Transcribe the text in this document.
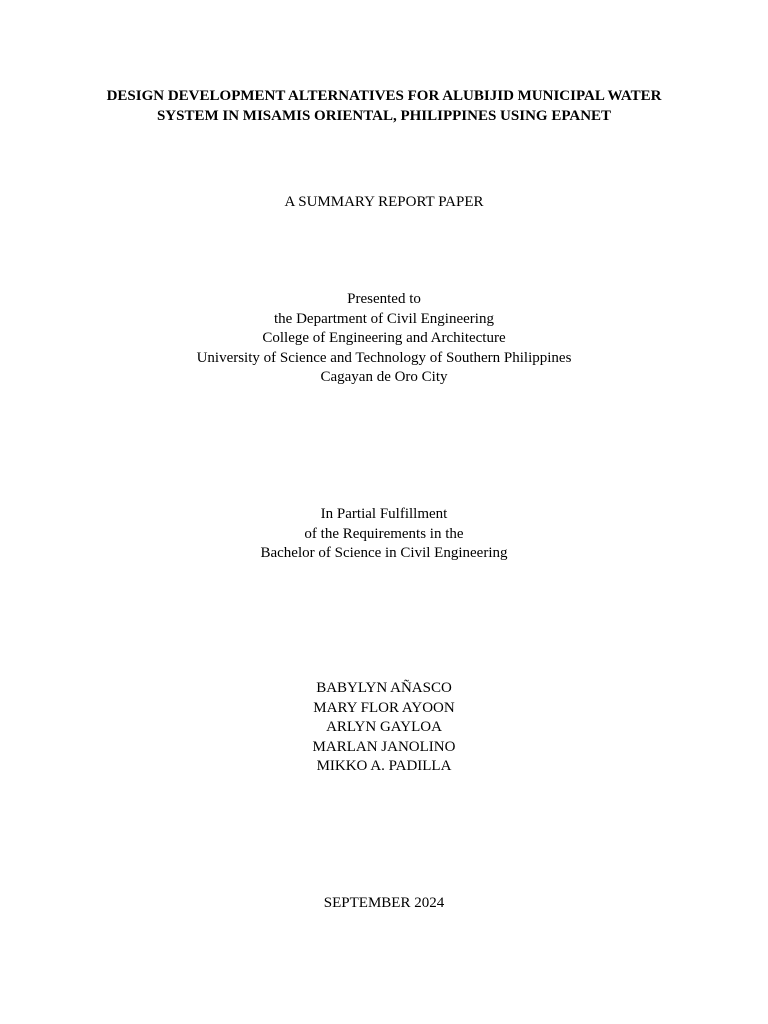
DESIGN DEVELOPMENT ALTERNATIVES FOR ALUBIJID MUNICIPAL WATER
SYSTEM IN MISAMIS ORIENTAL, PHILIPPINES USING EPANET
A SUMMARY REPORT PAPER
Presented to
the Department of Civil Engineering
College of Engineering and Architecture
University of Science and Technology of Southern Philippines
Cagayan de Oro City
In Partial Fulfillment
of the Requirements in the
Bachelor of Science in Civil Engineering
BABYLYN AÑASCO
MARY FLOR AYOON
ARLYN GAYLOA
MARLAN JANOLINO
MIKKO A. PADILLA
SEPTEMBER 2024
